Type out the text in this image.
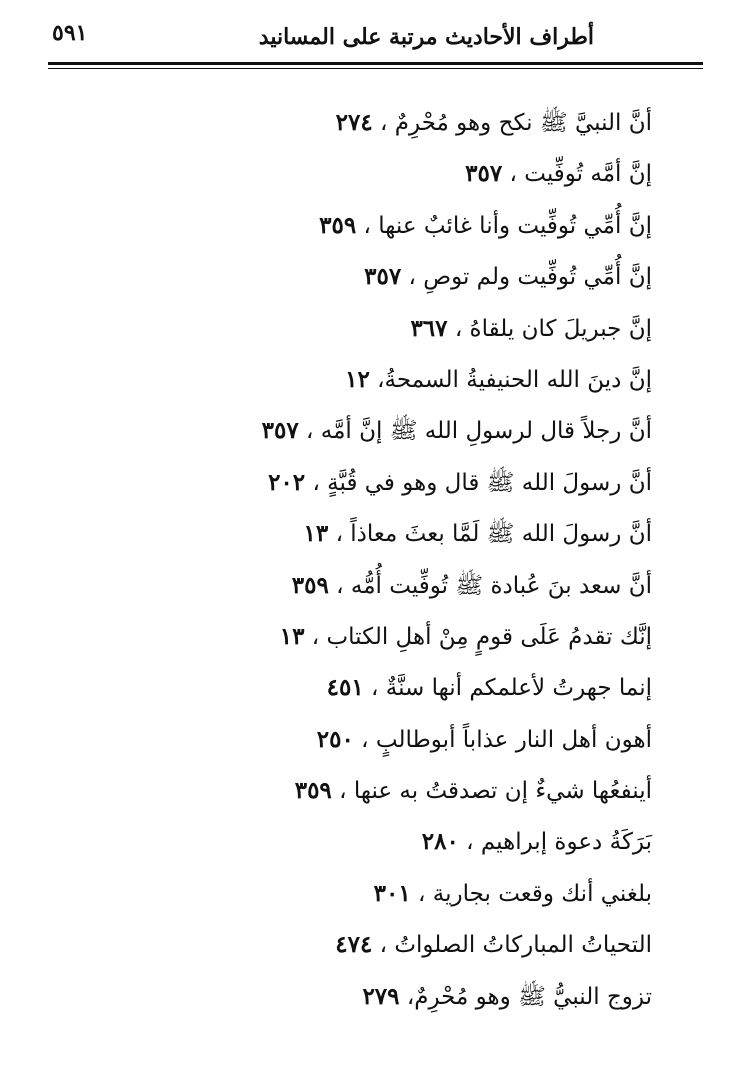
٥٩١	أطراف الأحاديث مرتبة على المسانيد
أنَّ النبيَّ ﷺ نكح وهو مُحْرِمٌ ، ٢٧٤
إنَّ أمَّه تُوفِّيت ، ٣٥٧
إنَّ أُمِّي تُوفِّيت وأنا غائبٌ عنها ، ٣٥٩
إنَّ أُمِّي تُوفِّيت ولم توصِ ، ٣٥٧
إنَّ جبريلَ كان يلقاهُ ، ٣٦٧
إنَّ دينَ الله الحنيفيةُ السمحةُ، ١٢
أنَّ رجلاً قال لرسولِ الله ﷺ إنَّ أمَّه ، ٣٥٧
أنَّ رسولَ الله ﷺ قال وهو في قُبَّةٍ ، ٢٠٢
أنَّ رسولَ الله ﷺ لَمَّا بعثَ معاذاً ، ١٣
أنَّ سعد بنَ عُبادة ﷺ تُوفِّيت أُمُّه ، ٣٥٩
إنَّك تقدمُ عَلَى قومٍ مِنْ أهلِ الكتاب ، ١٣
إنما جهرتُ لأعلمكم أنها سنَّةٌ ، ٤٥١
أهون أهل النار عذاباً أبوطالبٍ ، ٢٥٠
أينفعُها شيءٌ إن تصدقتُ به عنها ، ٣٥٩
بَرَكَةُ دعوة إبراهيم ، ٢٨٠
بلغني أنك وقعت بجارية ، ٣٠١
التحياتُ المباركاتُ الصلواتُ ، ٤٧٤
تزوج النبيُّ ﷺ وهو مُحْرِمٌ، ٢٧٩
